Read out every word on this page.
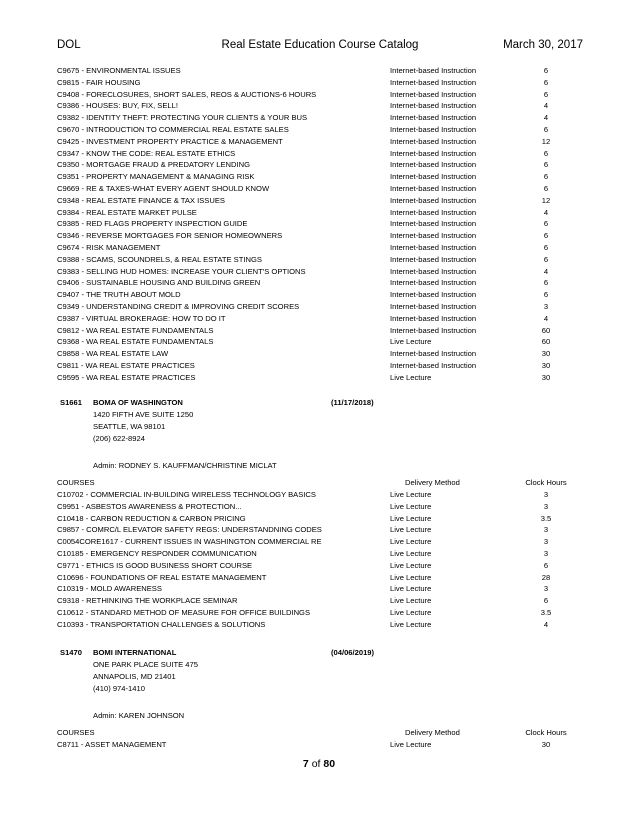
DOL	Real Estate Education Course Catalog	March 30, 2017
C9675 - ENVIRONMENTAL ISSUES	Internet-based Instruction	6
C9815 - FAIR HOUSING	Internet-based Instruction	6
C9408 - FORECLOSURES, SHORT SALES, REOS & AUCTIONS-6 HOURS	Internet-based Instruction	6
C9386 - HOUSES: BUY, FIX, SELL!	Internet-based Instruction	4
C9382 - IDENTITY THEFT: PROTECTING YOUR CLIENTS & YOUR BUS	Internet-based Instruction	4
C9670 - INTRODUCTION TO COMMERCIAL REAL ESTATE SALES	Internet-based Instruction	6
C9425 - INVESTMENT PROPERTY PRACTICE & MANAGEMENT	Internet-based Instruction	12
C9347 - KNOW THE CODE: REAL ESTATE ETHICS	Internet-based Instruction	6
C9350 - MORTGAGE FRAUD & PREDATORY LENDING	Internet-based Instruction	6
C9351 - PROPERTY MANAGEMENT & MANAGING RISK	Internet-based Instruction	6
C9669 - RE & TAXES-WHAT EVERY AGENT SHOULD KNOW	Internet-based Instruction	6
C9348 - REAL ESTATE FINANCE & TAX ISSUES	Internet-based Instruction	12
C9384 - REAL ESTATE MARKET PULSE	Internet-based Instruction	4
C9385 - RED FLAGS PROPERTY INSPECTION GUIDE	Internet-based Instruction	6
C9346 - REVERSE MORTGAGES FOR SENIOR HOMEOWNERS	Internet-based Instruction	6
C9674 - RISK MANAGEMENT	Internet-based Instruction	6
C9388 - SCAMS, SCOUNDRELS, & REAL ESTATE STINGS	Internet-based Instruction	6
C9383 - SELLING HUD HOMES: INCREASE YOUR CLIENT'S OPTIONS	Internet-based Instruction	4
C9406 - SUSTAINABLE HOUSING AND BUILDING GREEN	Internet-based Instruction	6
C9407 - THE TRUTH ABOUT MOLD	Internet-based Instruction	6
C9349 - UNDERSTANDING CREDIT & IMPROVING CREDIT SCORES	Internet-based Instruction	3
C9387 - VIRTUAL BROKERAGE: HOW TO DO IT	Internet-based Instruction	4
C9812 - WA REAL ESTATE FUNDAMENTALS	Internet-based Instruction	60
C9368 - WA REAL ESTATE FUNDAMENTALS	Live Lecture	60
C9858 - WA REAL ESTATE LAW	Internet-based Instruction	30
C9811 - WA REAL ESTATE PRACTICES	Internet-based Instruction	30
C9595 - WA REAL ESTATE PRACTICES	Live Lecture	30
S1661 BOMA OF WASHINGTON	(11/17/2018)
1420 FIFTH AVE SUITE 1250
SEATTLE, WA 98101
(206) 622-8924
Admin: RODNEY S. KAUFFMAN/CHRISTINE MICLAT
COURSES	Delivery Method	Clock Hours
C10702 - COMMERCIAL IN-BUILDING WIRELESS TECHNOLOGY BASICS	Live Lecture	3
C9951 - ASBESTOS AWARENESS & PROTECTION...	Live Lecture	3
C10418 - CARBON REDUCTION & CARBON PRICING	Live Lecture	3.5
C9857 - COMRC/L ELEVATOR SAFETY REGS: UNDERSTANDNING CODES	Live Lecture	3
C0054CORE1617 - CURRENT ISSUES IN WASHINGTON COMMERCIAL RE	Live Lecture	3
C10185 - EMERGENCY RESPONDER COMMUNICATION	Live Lecture	3
C9771 - ETHICS IS GOOD BUSINESS SHORT COURSE	Live Lecture	6
C10696 - FOUNDATIONS OF REAL ESTATE MANAGEMENT	Live Lecture	28
C10319 - MOLD AWARENESS	Live Lecture	3
C9318 - RETHINKING THE WORKPLACE SEMINAR	Live Lecture	6
C10612 - STANDARD METHOD OF MEASURE FOR OFFICE BUILDINGS	Live Lecture	3.5
C10393 - TRANSPORTATION CHALLENGES & SOLUTIONS	Live Lecture	4
S1470 BOMI INTERNATIONAL	(04/06/2019)
ONE PARK PLACE SUITE 475
ANNAPOLIS, MD 21401
(410) 974-1410
Admin: KAREN JOHNSON
COURSES	Delivery Method	Clock Hours
C8711 - ASSET MANAGEMENT	Live Lecture	30
7 of 80
